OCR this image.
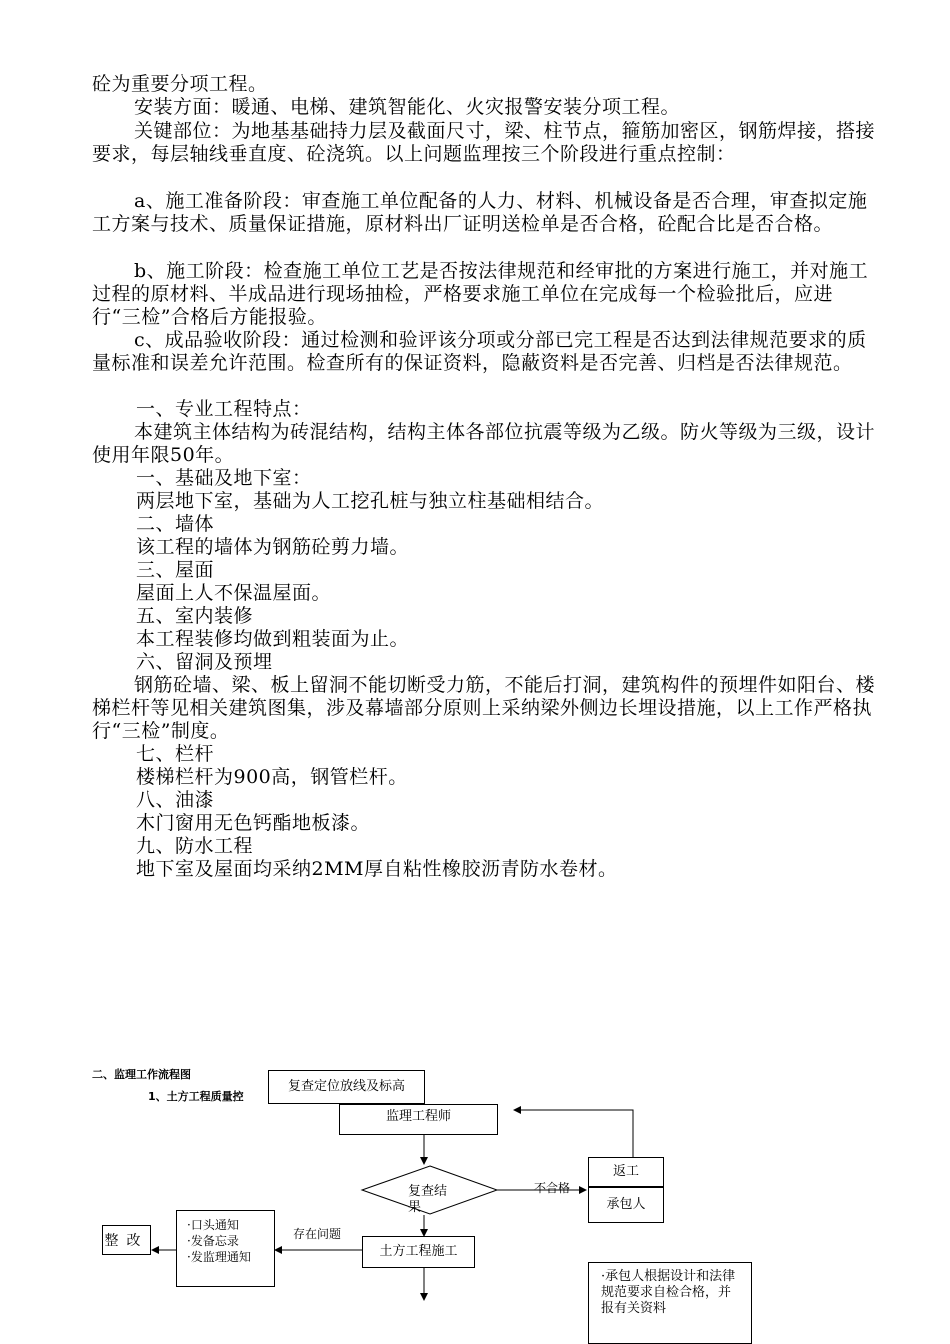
砼为重要分项工程。

安装方面：暖通、电梯、建筑智能化、火灾报警安装分项工程。

关键部位：为地基基础持力层及截面尺寸，梁、柱节点，箍筋加密区，钢筋焊接，搭接要求，每层轴线垂直度、砼浇筑。以上问题监理按三个阶段进行重点控制：

a、施工准备阶段：审查施工单位配备的人力、材料、机械设备是否合理，审查拟定施工方案与技术、质量保证措施，原材料出厂证明送检单是否合格，砼配合比是否合格。

b、施工阶段：检查施工单位工艺是否按法律规范和经审批的方案进行施工，并对施工过程的原材料、半成品进行现场抽检，严格要求施工单位在完成每一个检验批后，应进行“三检”合格后方能报验。

c、成品验收阶段：通过检测和验评该分项或分部已完工程是否达到法律规范要求的质量标准和误差允许范围。检查所有的保证资料，隐蔽资料是否完善、归档是否法律规范。

一、专业工程特点：

本建筑主体结构为砖混结构，结构主体各部位抗震等级为乙级。防火等级为三级，设计使用年限50年。

一、基础及地下室：
两层地下室，基础为人工挖孔桩与独立柱基础相结合。
二、墙体
该工程的墙体为钢筋砼剪力墙。
三、屋面
屋面上人不保温屋面。
五、室内装修
本工程装修均做到粗装面为止。
六、留洞及预埋

钢筋砼墙、梁、板上留洞不能切断受力筋，不能后打洞，建筑构件的预埋件如阳台、楼梯栏杆等见相关建筑图集，涉及幕墙部分原则上采纳梁外侧边长埋设措施，以上工作严格执行“三检”制度。

七、栏杆
楼梯栏杆为900高，钢管栏杆。
八、油漆
木门窗用无色钙酯地板漆。
九、防水工程
地下室及屋面均采纳2MM厚自粘性橡胶沥青防水卷材。
二、监理工作流程图
1、土方工程质量控
复查定位放线及标高
监理工程师
复查结果
不合格
返工
承包人
存在问题
土方工程施工
·口头通知
·发备忘录
·发监理通知
整改
·承包人根据设计和法律规范要求自检合格，并报有关资料
